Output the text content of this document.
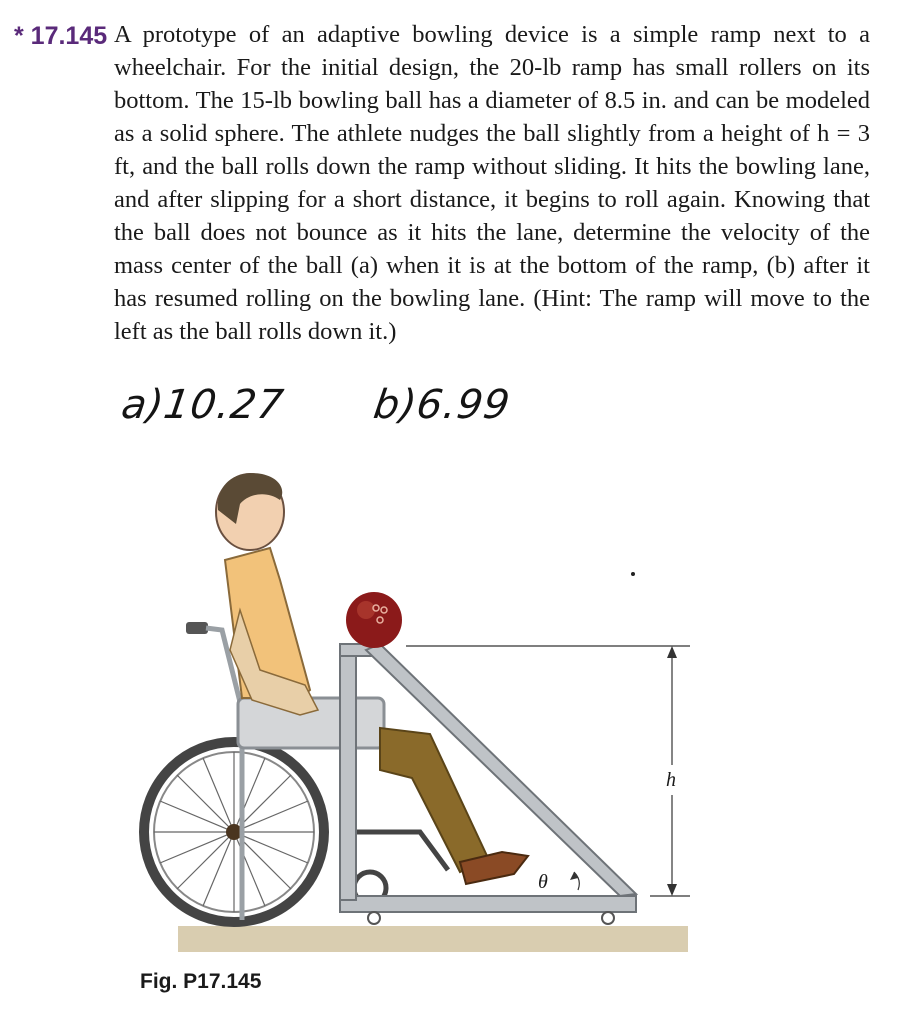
* 17.145 A prototype of an adaptive bowling device is a simple ramp next to a wheelchair. For the initial design, the 20-lb ramp has small rollers on its bottom. The 15-lb bowling ball has a diameter of 8.5 in. and can be modeled as a solid sphere. The athlete nudges the ball slightly from a height of h = 3 ft, and the ball rolls down the ramp without sliding. It hits the bowling lane, and after slipping for a short distance, it begins to roll again. Knowing that the ball does not bounce as it hits the lane, determine the velocity of the mass center of the ball (a) when it is at the bottom of the ramp, (b) after it has resumed rolling on the bowling lane. (Hint: The ramp will move to the left as the ball rolls down it.)
a)10.27 b)6.99
h
θ
Fig. P17.145
